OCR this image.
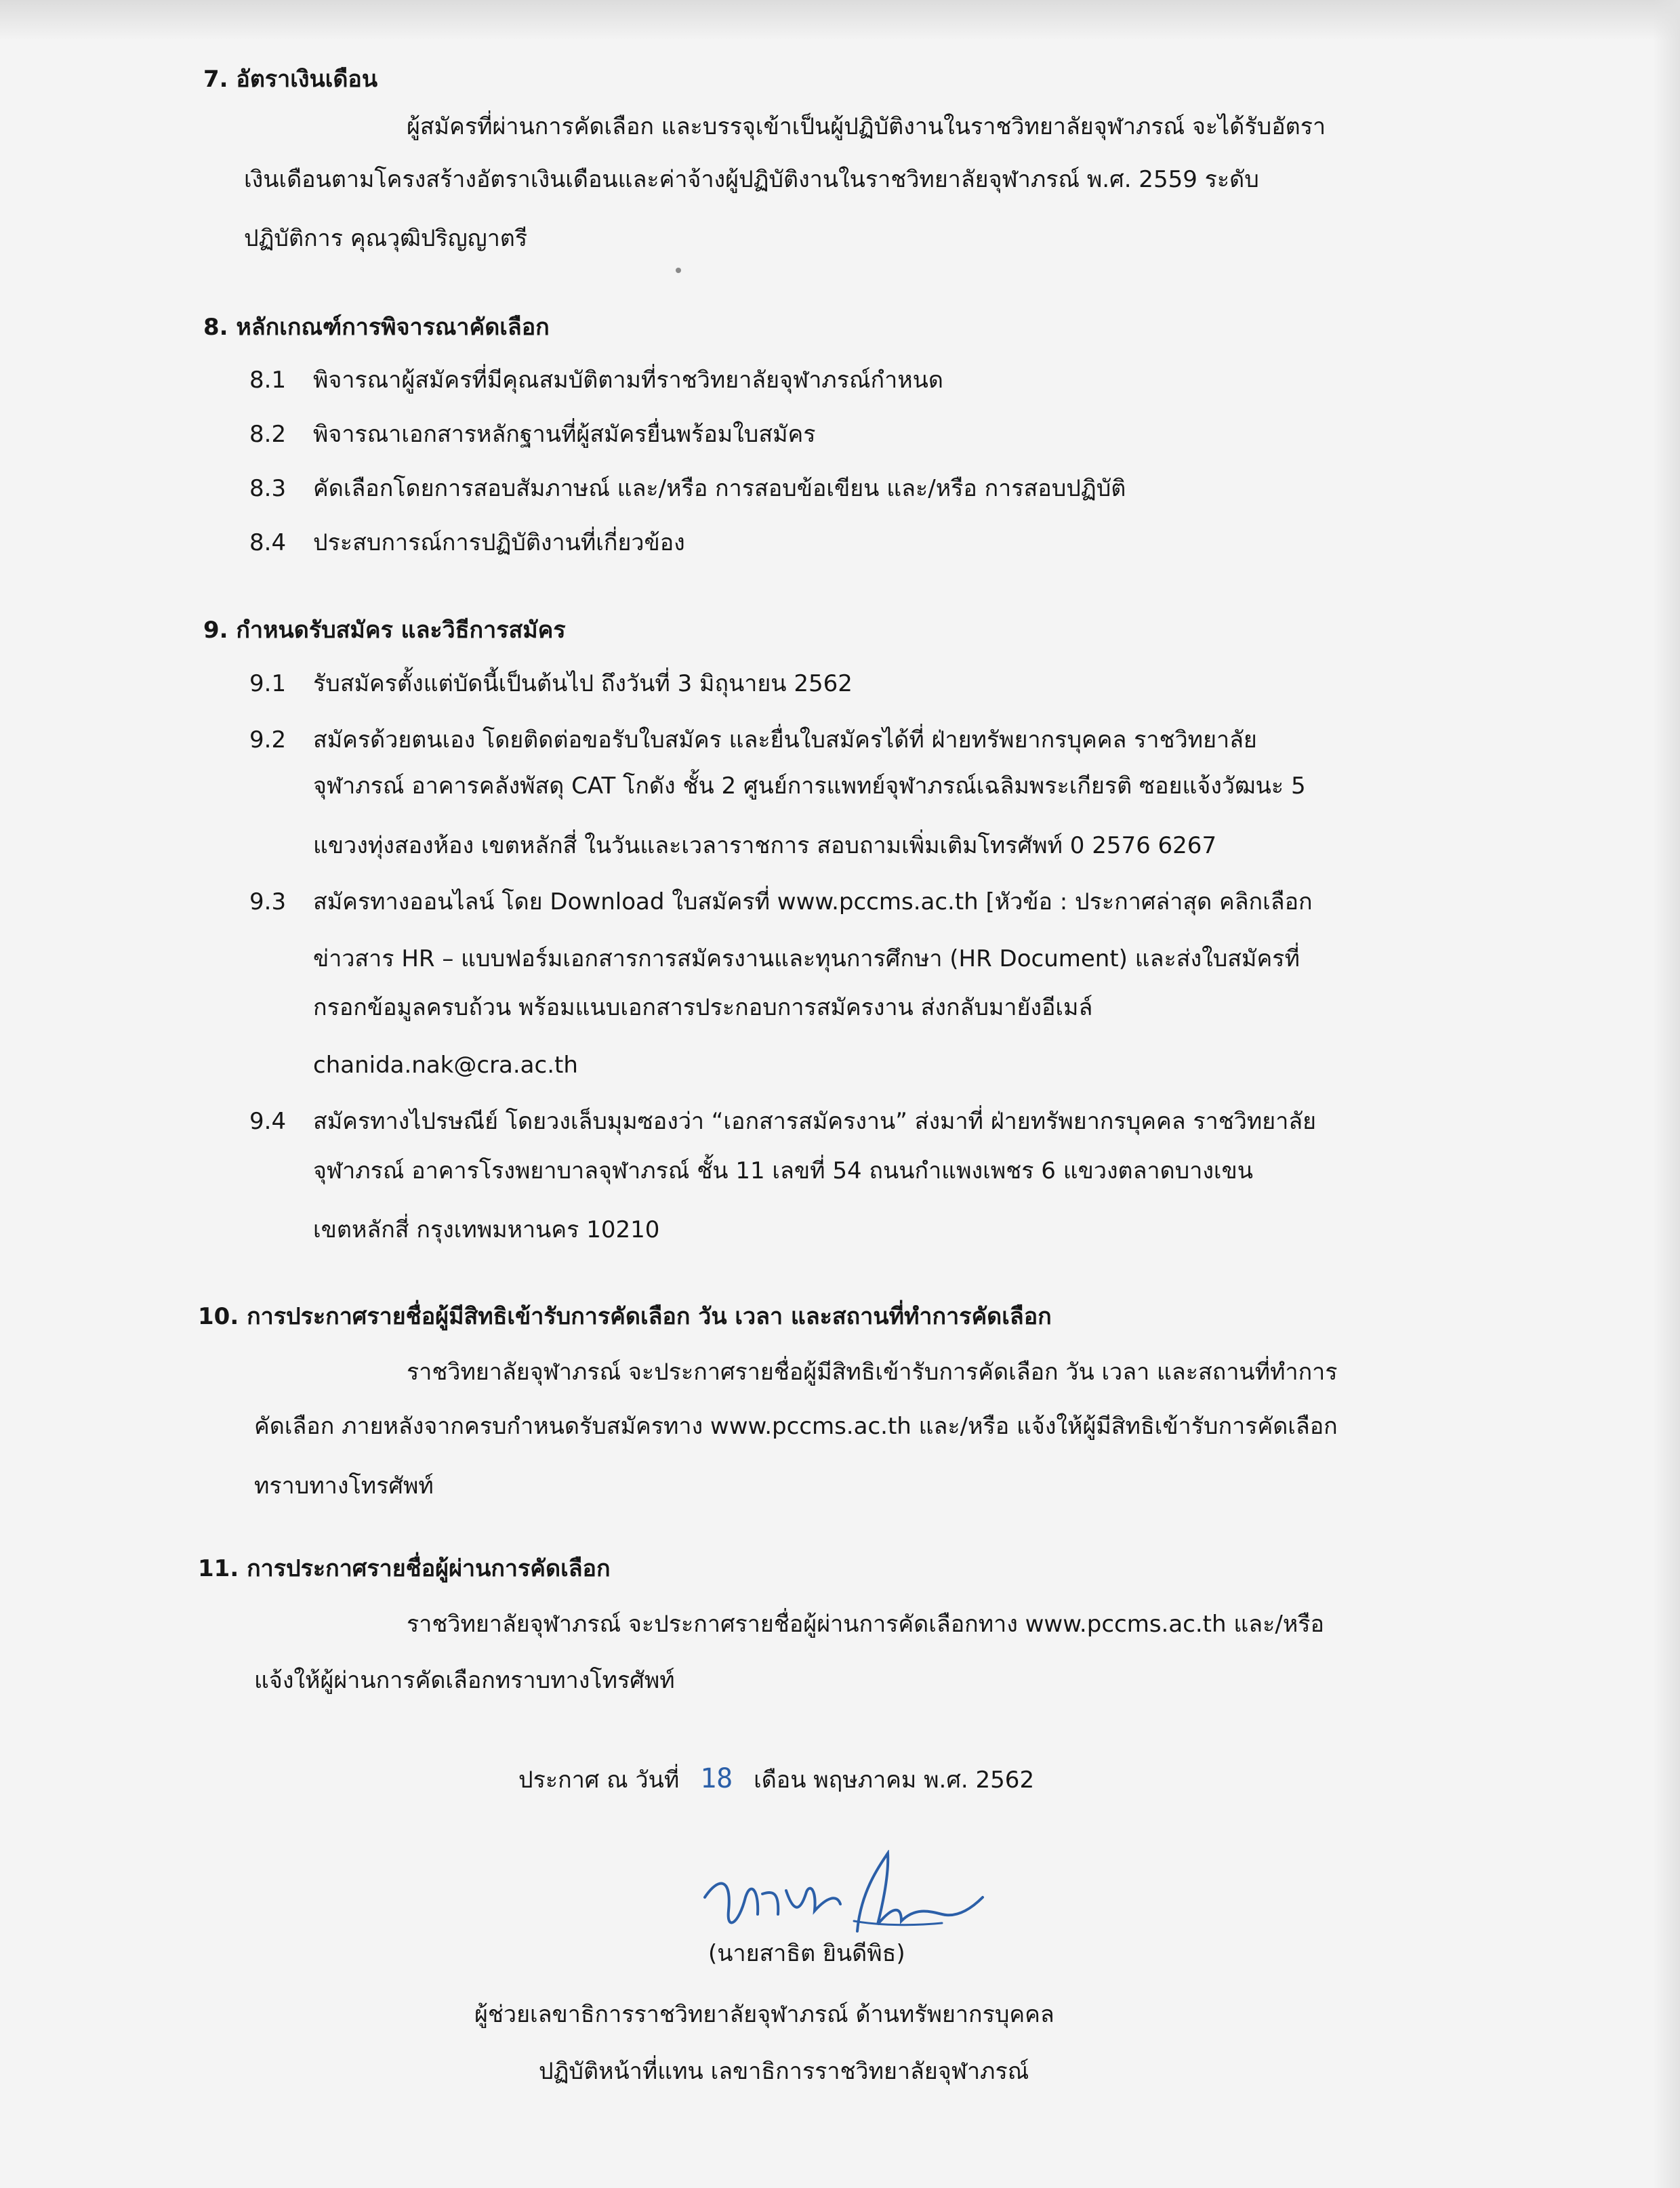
7. อัตราเงินเดือน
ผู้สมัครที่ผ่านการคัดเลือก และบรรจุเข้าเป็นผู้ปฏิบัติงานในราชวิทยาลัยจุฬาภรณ์ จะได้รับอัตรา
เงินเดือนตามโครงสร้างอัตราเงินเดือนและค่าจ้างผู้ปฏิบัติงานในราชวิทยาลัยจุฬาภรณ์ พ.ศ. 2559 ระดับ
ปฏิบัติการ คุณวุฒิปริญญาตรี
8. หลักเกณฑ์การพิจารณาคัดเลือก
8.1 พิจารณาผู้สมัครที่มีคุณสมบัติตามที่ราชวิทยาลัยจุฬาภรณ์กำหนด
8.2 พิจารณาเอกสารหลักฐานที่ผู้สมัครยื่นพร้อมใบสมัคร
8.3 คัดเลือกโดยการสอบสัมภาษณ์ และ/หรือ การสอบข้อเขียน และ/หรือ การสอบปฏิบัติ
8.4 ประสบการณ์การปฏิบัติงานที่เกี่ยวข้อง
9. กำหนดรับสมัคร และวิธีการสมัคร
9.1 รับสมัครตั้งแต่บัดนี้เป็นต้นไป ถึงวันที่ 3 มิถุนายน 2562
9.2 สมัครด้วยตนเอง โดยติดต่อขอรับใบสมัคร และยื่นใบสมัครได้ที่ ฝ่ายทรัพยากรบุคคล ราชวิทยาลัย
จุฬาภรณ์ อาคารคลังพัสดุ CAT โกดัง ชั้น 2 ศูนย์การแพทย์จุฬาภรณ์เฉลิมพระเกียรติ ซอยแจ้งวัฒนะ 5
แขวงทุ่งสองห้อง เขตหลักสี่ ในวันและเวลาราชการ สอบถามเพิ่มเติมโทรศัพท์ 0 2576 6267
9.3 สมัครทางออนไลน์ โดย Download ใบสมัครที่ www.pccms.ac.th [หัวข้อ : ประกาศล่าสุด คลิกเลือก
ข่าวสาร HR – แบบฟอร์มเอกสารการสมัครงานและทุนการศึกษา (HR Document) และส่งใบสมัครที่
กรอกข้อมูลครบถ้วน พร้อมแนบเอกสารประกอบการสมัครงาน ส่งกลับมายังอีเมล์
chanida.nak@cra.ac.th
9.4 สมัครทางไปรษณีย์ โดยวงเล็บมุมซองว่า “เอกสารสมัครงาน” ส่งมาที่ ฝ่ายทรัพยากรบุคคล ราชวิทยาลัย
จุฬาภรณ์ อาคารโรงพยาบาลจุฬาภรณ์ ชั้น 11 เลขที่ 54 ถนนกำแพงเพชร 6 แขวงตลาดบางเขน
เขตหลักสี่ กรุงเทพมหานคร 10210
10. การประกาศรายชื่อผู้มีสิทธิเข้ารับการคัดเลือก วัน เวลา และสถานที่ทำการคัดเลือก
ราชวิทยาลัยจุฬาภรณ์ จะประกาศรายชื่อผู้มีสิทธิเข้ารับการคัดเลือก วัน เวลา และสถานที่ทำการ
คัดเลือก ภายหลังจากครบกำหนดรับสมัครทาง www.pccms.ac.th และ/หรือ แจ้งให้ผู้มีสิทธิเข้ารับการคัดเลือก
ทราบทางโทรศัพท์
11. การประกาศรายชื่อผู้ผ่านการคัดเลือก
ราชวิทยาลัยจุฬาภรณ์ จะประกาศรายชื่อผู้ผ่านการคัดเลือกทาง www.pccms.ac.th และ/หรือ
แจ้งให้ผู้ผ่านการคัดเลือกทราบทางโทรศัพท์
ประกาศ ณ วันที่ 18 เดือน พฤษภาคม พ.ศ. 2562
(นายสาธิต ยินดีพิธ)
ผู้ช่วยเลขาธิการราชวิทยาลัยจุฬาภรณ์ ด้านทรัพยากรบุคคล
ปฏิบัติหน้าที่แทน เลขาธิการราชวิทยาลัยจุฬาภรณ์
